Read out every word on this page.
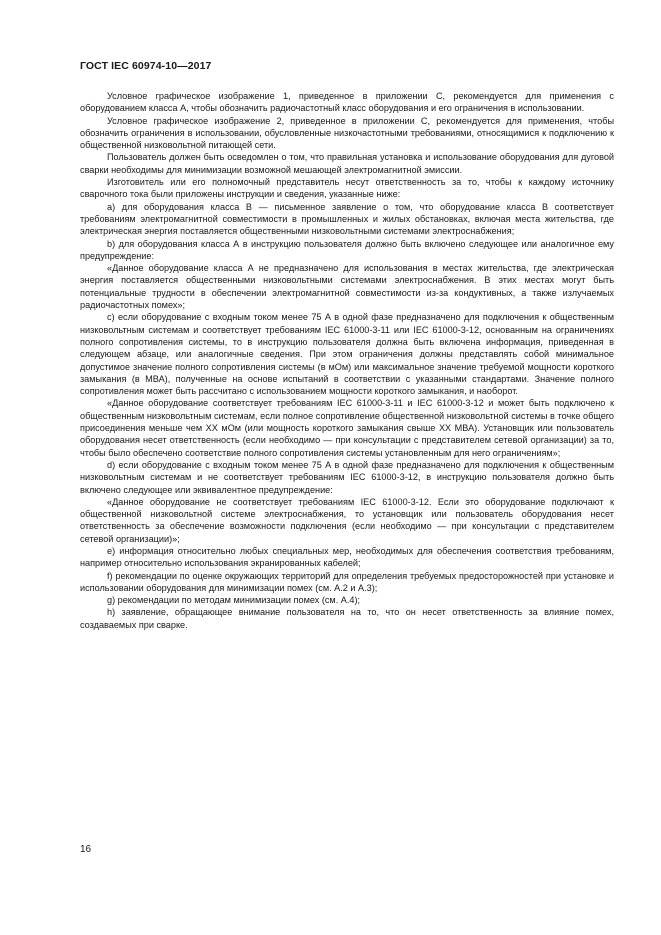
ГОСТ IEC 60974-10—2017

Условное графическое изображение 1, приведенное в приложении С, рекомендуется для применения с оборудованием класса А, чтобы обозначить радиочастотный класс оборудования и его ограничения в использовании.

Условное графическое изображение 2, приведенное в приложении С, рекомендуется для применения, чтобы обозначить ограничения в использовании, обусловленные низкочастотными требованиями, относящимися к подключению к общественной низковольтной питающей сети.

Пользователь должен быть осведомлен о том, что правильная установка и использование оборудования для дуговой сварки необходимы для минимизации возможной мешающей электромагнитной эмиссии.

Изготовитель или его полномочный представитель несут ответственность за то, чтобы к каждому источнику сварочного тока были приложены инструкции и сведения, указанные ниже:

a) для оборудования класса В — письменное заявление о том, что оборудование класса В соответствует требованиям электромагнитной совместимости в промышленных и жилых обстановках, включая места жительства, где электрическая энергия поставляется общественными низковольтными системами электроснабжения;

b) для оборудования класса А в инструкцию пользователя должно быть включено следующее или аналогичное ему предупреждение:

«Данное оборудование класса А не предназначено для использования в местах жительства, где электрическая энергия поставляется общественными низковольтными системами электроснабжения. В этих местах могут быть потенциальные трудности в обеспечении электромагнитной совместимости из-за кондуктивных, а также излучаемых радиочастотных помех»;

c) если оборудование с входным током менее 75 А в одной фазе предназначено для подключения к общественным низковольтным системам и соответствует требованиям IEC 61000-3-11 или IEC 61000-3-12, основанным на ограничениях полного сопротивления системы, то в инструкцию пользователя должна быть включена информация, приведенная в следующем абзаце, или аналогичные сведения. При этом ограничения должны представлять собой минимальное допустимое значение полного сопротивления системы (в мОм) или максимальное значение требуемой мощности короткого замыкания (в МВА), полученные на основе испытаний в соответствии с указанными стандартами. Значение полного сопротивления может быть рассчитано с использованием мощности короткого замыкания, и наоборот.

«Данное оборудование соответствует требованиям IEC 61000-3-11 и IEC 61000-3-12 и может быть подключено к общественным низковольтным системам, если полное сопротивление общественной низковольтной системы в точке общего присоединения меньше чем XX мОм (или мощность короткого замыкания свыше XX МВА). Установщик или пользователь оборудования несет ответственность (если необходимо — при консультации с представителем сетевой организации) за то, чтобы было обеспечено соответствие полного сопротивления системы установленным для него ограничениям»;

d) если оборудование с входным током менее 75 А в одной фазе предназначено для подключения к общественным низковольтным системам и не соответствует требованиям IEC 61000-3-12, в инструкцию пользователя должно быть включено следующее или эквивалентное предупреждение:

«Данное оборудование не соответствует требованиям IEC 61000-3-12. Если это оборудование подключают к общественной низковольтной системе электроснабжения, то установщик или пользователь оборудования несет ответственность за обеспечение возможности подключения (если необходимо — при консультации с представителем сетевой организации)»;

e) информация относительно любых специальных мер, необходимых для обеспечения соответствия требованиям, например относительно использования экранированных кабелей;

f) рекомендации по оценке окружающих территорий для определения требуемых предосторожностей при установке и использовании оборудования для минимизации помех (см. А.2 и А.3);

g) рекомендации по методам минимизации помех (см. А.4);

h) заявление, обращающее внимание пользователя на то, что он несет ответственность за влияние помех, создаваемых при сварке.

16
